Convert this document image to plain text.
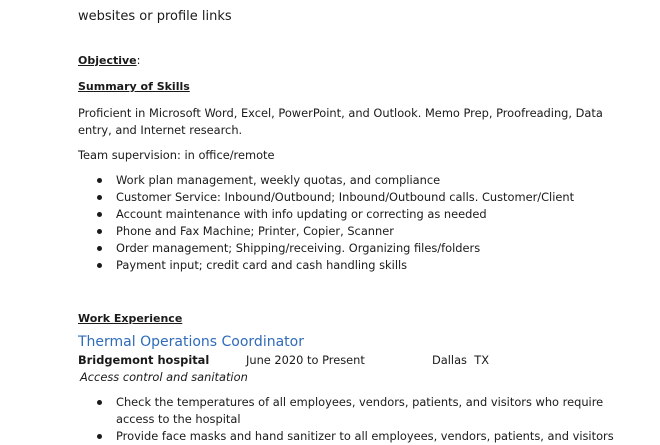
websites or profile links
Objective:
Summary of Skills
Proficient in Microsoft Word, Excel, PowerPoint, and Outlook. Memo Prep, Proofreading, Data
entry, and Internet research.
Team supervision: in office/remote
Work plan management, weekly quotas, and compliance
Customer Service: Inbound/Outbound; Inbound/Outbound calls. Customer/Client
Account maintenance with info updating or correcting as needed
Phone and Fax Machine; Printer, Copier, Scanner
Order management; Shipping/receiving. Organizing files/folders
Payment input; credit card and cash handling skills
Work Experience
Thermal Operations Coordinator
Bridgemont hospital	June 2020 to Present	Dallas  TX
Access control and sanitation
Check the temperatures of all employees, vendors, patients, and visitors who require
access to the hospital
Provide face masks and hand sanitizer to all employees, vendors, patients, and visitors
